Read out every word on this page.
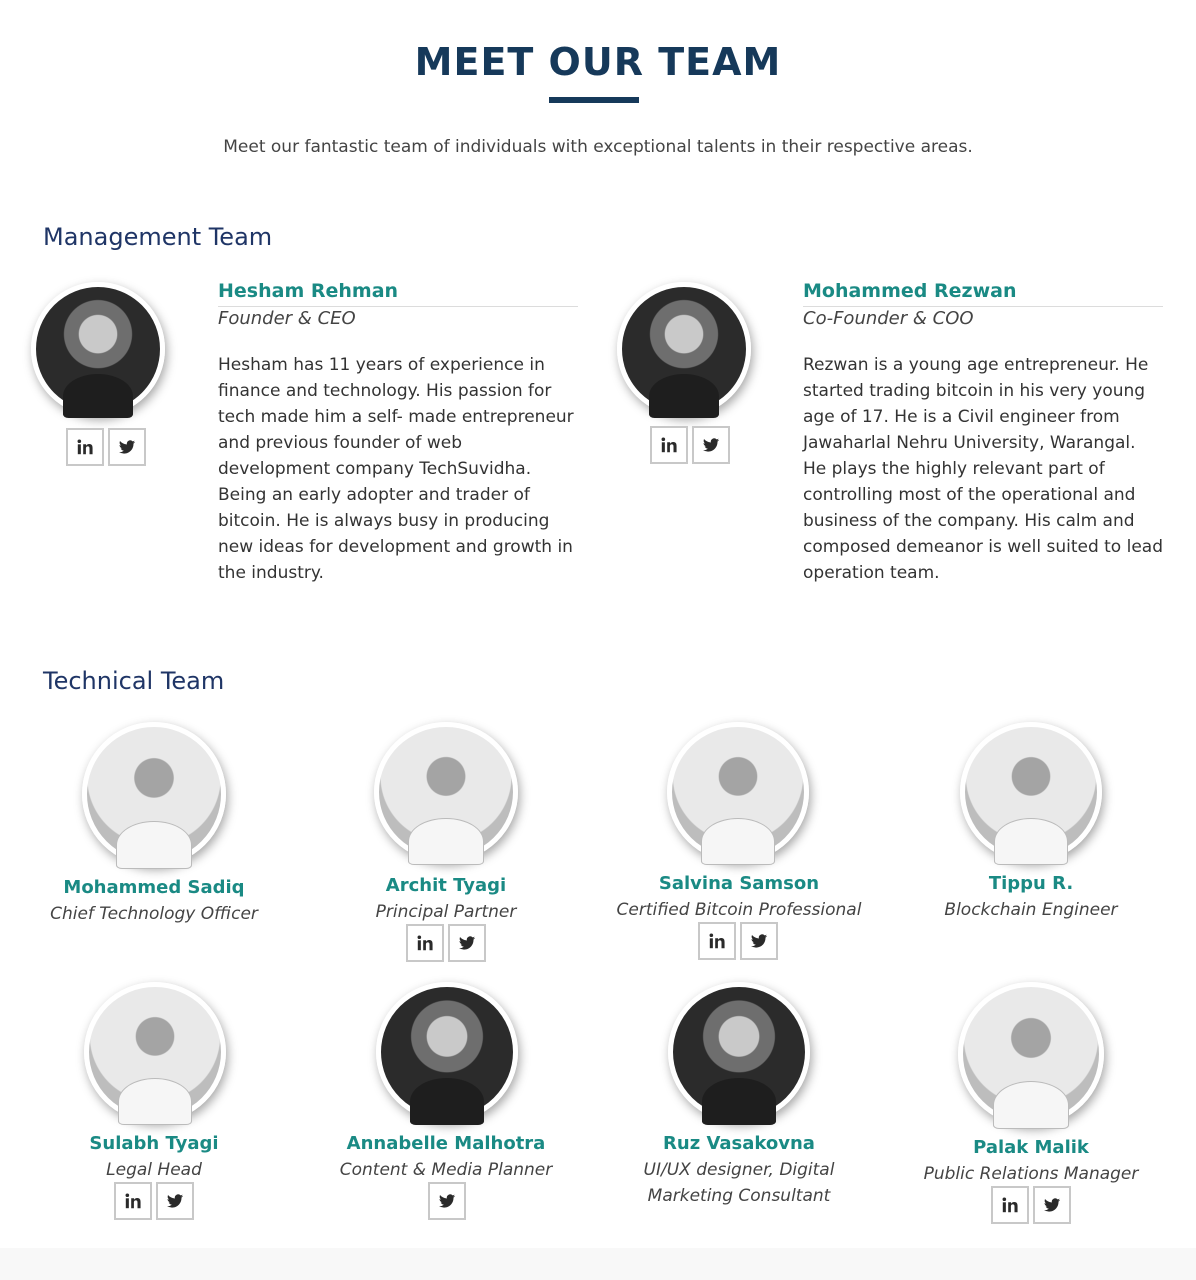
MEET OUR TEAM

Meet our fantastic team of individuals with exceptional talents in their respective areas.

Management Team
Hesham Rehman
Founder & CEO
Hesham has 11 years of experience in finance and technology. His passion for tech made him a self- made entrepreneur and previous founder of web development company TechSuvidha. Being an early adopter and trader of bitcoin. He is always busy in producing new ideas for development and growth in the industry.
Mohammed Rezwan
Co-Founder & COO
Rezwan is a young age entrepreneur. He started trading bitcoin in his very young age of 17. He is a Civil engineer from Jawaharlal Nehru University, Warangal. He plays the highly relevant part of controlling most of the operational and business of the company. His calm and composed demeanor is well suited to lead operation team.
Technical Team
Mohammed Sadiq
Chief Technology Officer
Archit Tyagi
Principal Partner
Salvina Samson
Certified Bitcoin Professional
Tippu R.
Blockchain Engineer
Sulabh Tyagi
Legal Head
Annabelle Malhotra
Content & Media Planner
Ruz Vasakovna
UI/UX designer, Digital Marketing Consultant
Palak Malik
Public Relations Manager
